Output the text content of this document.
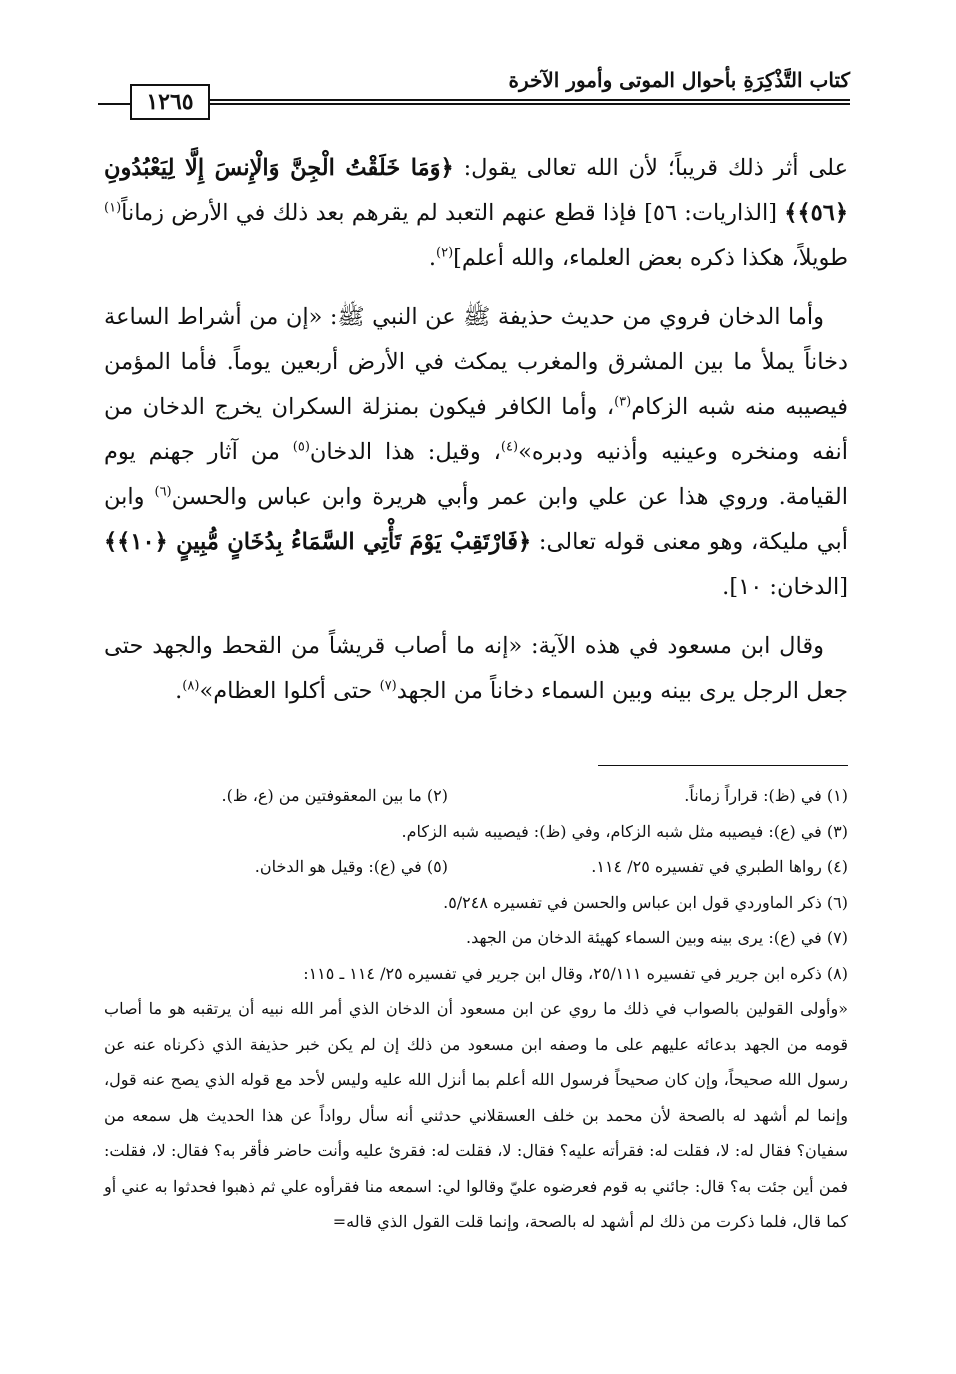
كتاب التَّذْكِرَةِ بأحوال الموتى وأمور الآخرة
١٢٦٥

على أثر ذلك قريباً؛ لأن الله تعالى يقول: ﴿وَمَا خَلَقْتُ الْجِنَّ وَالْإِنسَ إِلَّا لِيَعْبُدُونِ ﴿٥٦﴾﴾ [الذاريات: ٥٦] فإذا قطع عنهم التعبد لم يقرهم بعد ذلك في الأرض زماناً$^{(١)}$ طويلاً، هكذا ذكره بعض العلماء، والله أعلم]$^{(٢)}$.

وأما الدخان فروي من حديث حذيفة ﷺ عن النبي ﷺ: «إن من أشراط الساعة دخاناً يملأ ما بين المشرق والمغرب يمكث في الأرض أربعين يوماً. فأما المؤمن فيصيبه منه شبه الزكام$^{(٣)}$، وأما الكافر فيكون بمنزلة السكران يخرج الدخان من أنفه ومنخره وعينيه وأذنيه ودبره»$^{(٤)}$، وقيل: هذا الدخان$^{(٥)}$ من آثار جهنم يوم القيامة. وروي هذا عن علي وابن عمر وأبي هريرة وابن عباس والحسن$^{(٦)}$ وابن أبي مليكة، وهو معنى قوله تعالى: ﴿فَارْتَقِبْ يَوْمَ تَأْتِي السَّمَاءُ بِدُخَانٍ مُّبِينٍ ﴿١٠﴾﴾ [الدخان: ١٠].

وقال ابن مسعود في هذه الآية: «إنه ما أصاب قريشاً من القحط والجهد حتى جعل الرجل يرى بينه وبين السماء دخاناً من الجهد$^{(٧)}$ حتى أكلوا العظام»$^{(٨)}$.

(١) في (ظ): قراراً زماناً.
(٢) ما بين المعقوفتين من (ع، ظ).
(٣) في (ع): فيصيبه مثل شبه الزكام، وفي (ظ): فيصيبه شبه الزكام.
(٤) رواها الطبري في تفسيره ٢٥/ ١١٤.
(٥) في (ع): وقيل هو الدخان.
(٦) ذكر الماوردي قول ابن عباس والحسن في تفسيره ٥/٢٤٨.
(٧) في (ع): يرى بينه وبين السماء كهيئة الدخان من الجهد.
(٨) ذكره ابن جرير في تفسيره ٢٥/١١١، وقال ابن جرير في تفسيره ٢٥/ ١١٤ ـ ١١٥:
«وأولى القولين بالصواب في ذلك ما روي عن ابن مسعود أن الدخان الذي أمر الله نبيه أن يرتقبه هو ما أصاب قومه من الجهد بدعائه عليهم على ما وصفه ابن مسعود من ذلك إن لم يكن خبر حذيفة الذي ذكرناه عنه عن رسول الله صحيحاً، وإن كان صحيحاً فرسول الله أعلم بما أنزل الله عليه وليس لأحد مع قوله الذي يصح عنه قول، وإنما لم أشهد له بالصحة لأن محمد بن خلف العسقلاني حدثني أنه سأل رواداً عن هذا الحديث هل سمعه من سفيان؟ فقال له: لا، فقلت له: فقرأته عليه؟ فقال: لا، فقلت له: فقرئ عليه وأنت حاضر فأقر به؟ فقال: لا، فقلت: فمن أين جئت به؟ قال: جائني به قوم فعرضوه عليّ وقالوا لي: اسمعه منا فقرأوه علي ثم ذهبوا فحدثوا به عني أو كما قال، فلما ذكرت من ذلك لم أشهد له بالصحة، وإنما قلت القول الذي قاله=
